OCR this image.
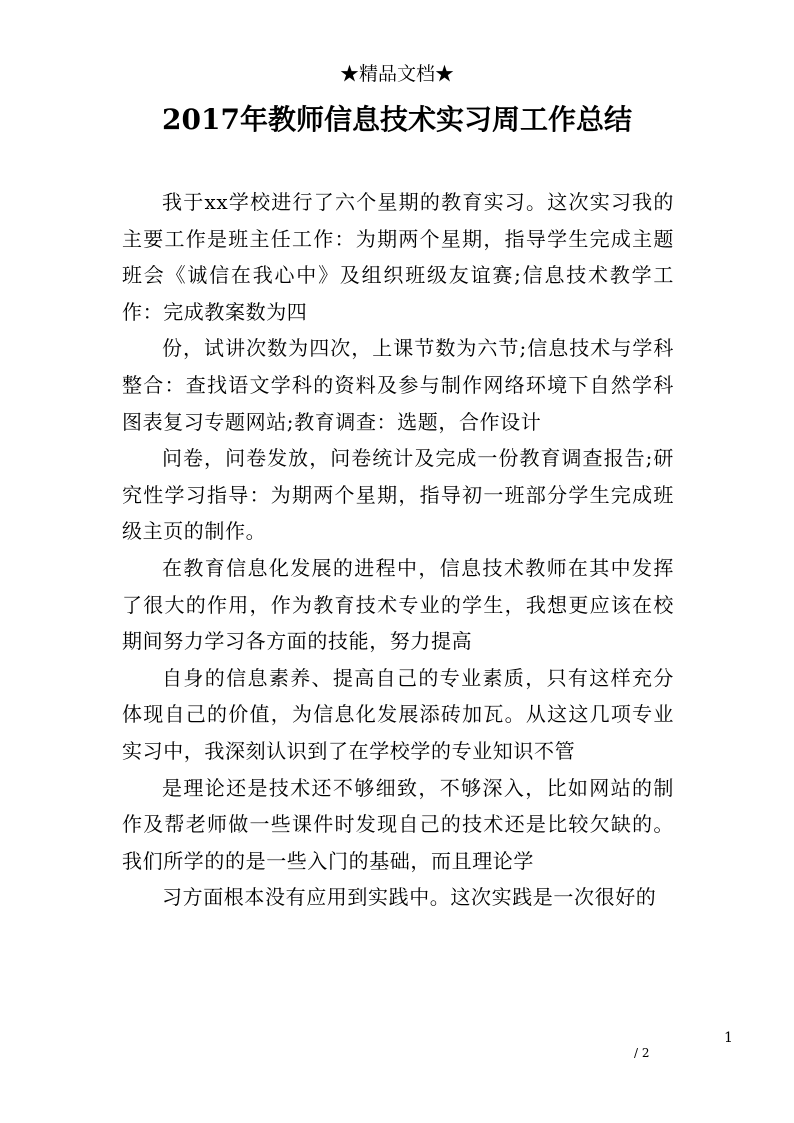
★精品文档★
2017年教师信息技术实习周工作总结

我于xx学校进行了六个星期的教育实习。这次实习我的主要工作是班主任工作：为期两个星期，指导学生完成主题班会《诚信在我心中》及组织班级友谊赛;信息技术教学工作：完成教案数为四

份，试讲次数为四次，上课节数为六节;信息技术与学科整合：查找语文学科的资料及参与制作网络环境下自然学科图表复习专题网站;教育调查：选题，合作设计

问卷，问卷发放，问卷统计及完成一份教育调查报告;研究性学习指导：为期两个星期，指导初一班部分学生完成班级主页的制作。

在教育信息化发展的进程中，信息技术教师在其中发挥了很大的作用，作为教育技术专业的学生，我想更应该在校期间努力学习各方面的技能，努力提高

自身的信息素养、提高自己的专业素质，只有这样充分体现自己的价值，为信息化发展添砖加瓦。从这这几项专业实习中，我深刻认识到了在学校学的专业知识不管

是理论还是技术还不够细致，不够深入，比如网站的制作及帮老师做一些课件时发现自己的技术还是比较欠缺的。我们所学的的是一些入门的基础，而且理论学

习方面根本没有应用到实践中。这次实践是一次很好的

1
/ 2
